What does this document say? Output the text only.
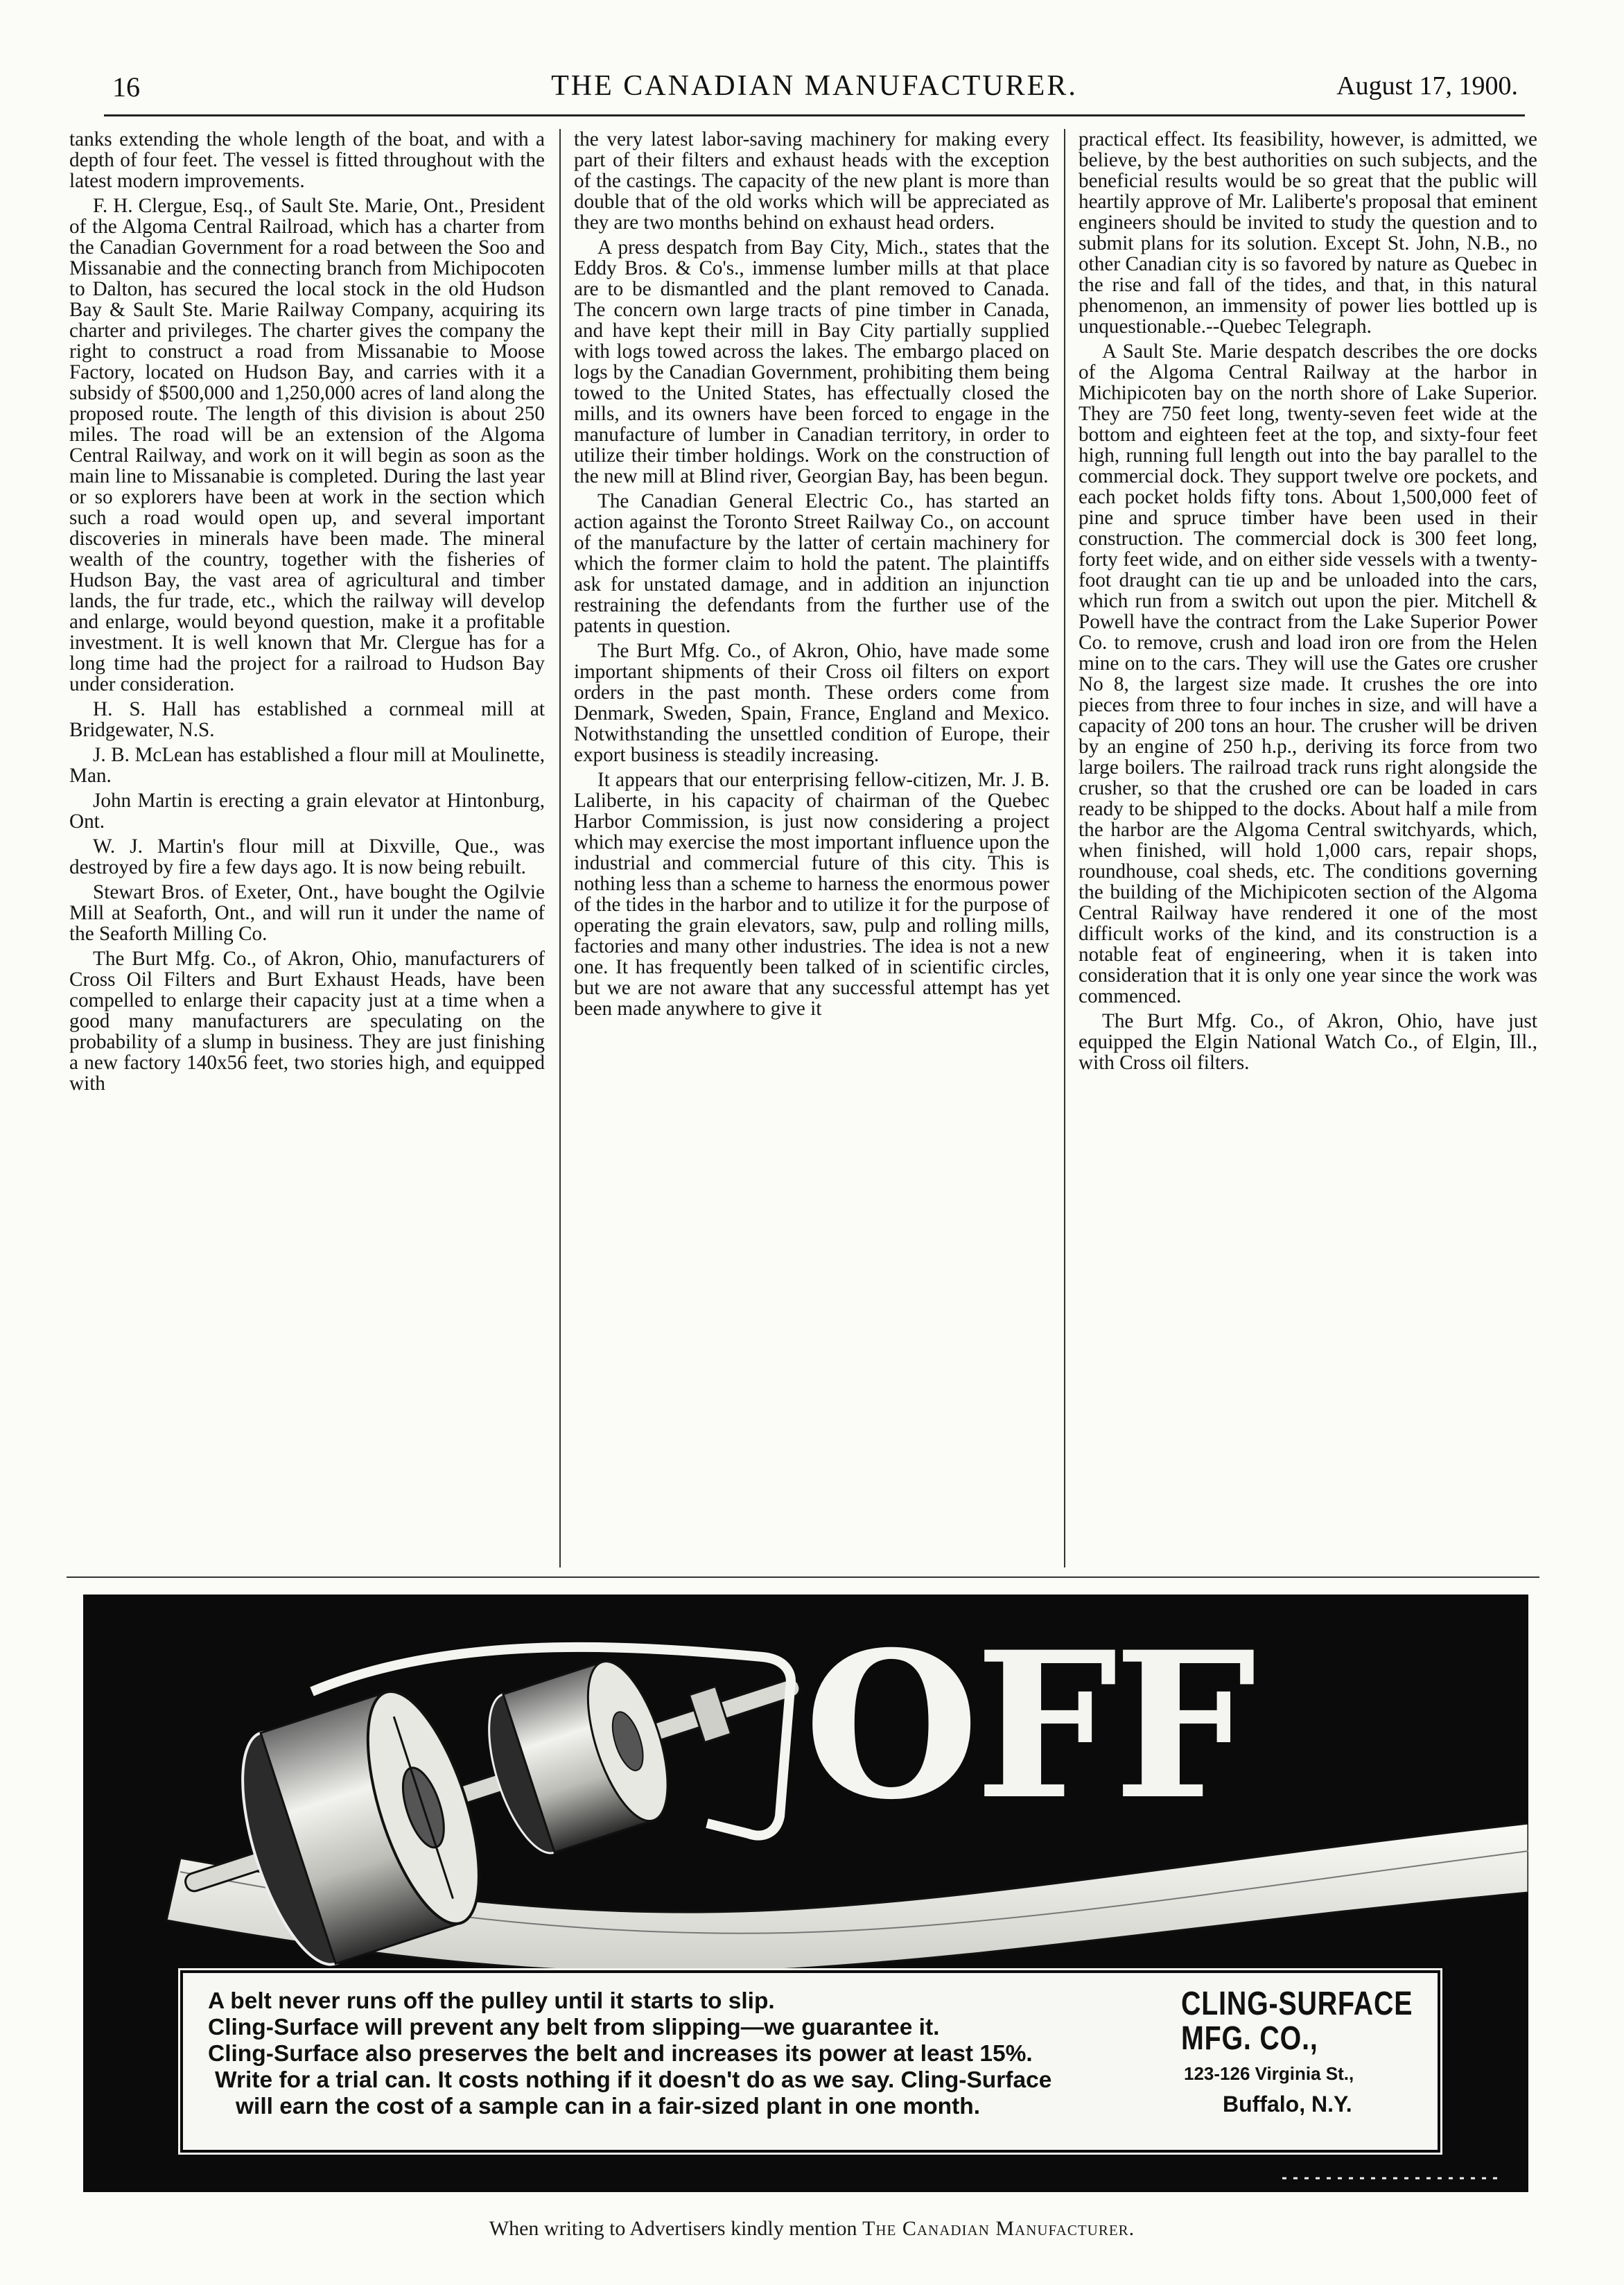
16	THE CANADIAN MANUFACTURER.	August 17, 1900.

tanks extending the whole length of the boat, and with a depth of four feet. The vessel is fitted throughout with the latest modern improvements.

F. H. Clergue, Esq., of Sault Ste. Marie, Ont., President of the Algoma Central Railroad, which has a charter from the Canadian Government for a road between the Soo and Missanabie and the connecting branch from Michipocoten to Dalton, has secured the local stock in the old Hudson Bay & Sault Ste. Marie Railway Company, acquiring its charter and privileges. The charter gives the company the right to construct a road from Missanabie to Moose Factory, located on Hudson Bay, and carries with it a subsidy of $500,000 and 1,250,000 acres of land along the proposed route. The length of this division is about 250 miles. The road will be an extension of the Algoma Central Railway, and work on it will begin as soon as the main line to Missanabie is completed. During the last year or so explorers have been at work in the section which such a road would open up, and several important discoveries in minerals have been made. The mineral wealth of the country, together with the fisheries of Hudson Bay, the vast area of agricultural and timber lands, the fur trade, etc., which the railway will develop and enlarge, would beyond question, make it a profitable investment. It is well known that Mr. Clergue has for a long time had the project for a railroad to Hudson Bay under consideration.

H. S. Hall has established a cornmeal mill at Bridgewater, N.S.

J. B. McLean has established a flour mill at Moulinette, Man.

John Martin is erecting a grain elevator at Hintonburg, Ont.

W. J. Martin's flour mill at Dixville, Que., was destroyed by fire a few days ago. It is now being rebuilt.

Stewart Bros. of Exeter, Ont., have bought the Ogilvie Mill at Seaforth, Ont., and will run it under the name of the Seaforth Milling Co.

The Burt Mfg. Co., of Akron, Ohio, manufacturers of Cross Oil Filters and Burt Exhaust Heads, have been compelled to enlarge their capacity just at a time when a good many manufacturers are speculating on the probability of a slump in business. They are just finishing a new factory 140x56 feet, two stories high, and equipped with

the very latest labor-saving machinery for making every part of their filters and exhaust heads with the exception of the castings. The capacity of the new plant is more than double that of the old works which will be appreciated as they are two months behind on exhaust head orders.

A press despatch from Bay City, Mich., states that the Eddy Bros. & Co's., immense lumber mills at that place are to be dismantled and the plant removed to Canada. The concern own large tracts of pine timber in Canada, and have kept their mill in Bay City partially supplied with logs towed across the lakes. The embargo placed on logs by the Canadian Government, prohibiting them being towed to the United States, has effectually closed the mills, and its owners have been forced to engage in the manufacture of lumber in Canadian territory, in order to utilize their timber holdings. Work on the construction of the new mill at Blind river, Georgian Bay, has been begun.

The Canadian General Electric Co., has started an action against the Toronto Street Railway Co., on account of the manufacture by the latter of certain machinery for which the former claim to hold the patent. The plaintiffs ask for unstated damage, and in addition an injunction restraining the defendants from the further use of the patents in question.

The Burt Mfg. Co., of Akron, Ohio, have made some important shipments of their Cross oil filters on export orders in the past month. These orders come from Denmark, Sweden, Spain, France, England and Mexico. Notwithstanding the unsettled condition of Europe, their export business is steadily increasing.

It appears that our enterprising fellow-citizen, Mr. J. B. Laliberte, in his capacity of chairman of the Quebec Harbor Commission, is just now considering a project which may exercise the most important influence upon the industrial and commercial future of this city. This is nothing less than a scheme to harness the enormous power of the tides in the harbor and to utilize it for the purpose of operating the grain elevators, saw, pulp and rolling mills, factories and many other industries. The idea is not a new one. It has frequently been talked of in scientific circles, but we are not aware that any successful attempt has yet been made anywhere to give it

practical effect. Its feasibility, however, is admitted, we believe, by the best authorities on such subjects, and the beneficial results would be so great that the public will heartily approve of Mr. Laliberte's proposal that eminent engineers should be invited to study the question and to submit plans for its solution. Except St. John, N.B., no other Canadian city is so favored by nature as Quebec in the rise and fall of the tides, and that, in this natural phenomenon, an immensity of power lies bottled up is unquestionable.--Quebec Telegraph.

A Sault Ste. Marie despatch describes the ore docks of the Algoma Central Railway at the harbor in Michipicoten bay on the north shore of Lake Superior. They are 750 feet long, twenty-seven feet wide at the bottom and eighteen feet at the top, and sixty-four feet high, running full length out into the bay parallel to the commercial dock. They support twelve ore pockets, and each pocket holds fifty tons. About 1,500,000 feet of pine and spruce timber have been used in their construction. The commercial dock is 300 feet long, forty feet wide, and on either side vessels with a twenty-foot draught can tie up and be unloaded into the cars, which run from a switch out upon the pier. Mitchell & Powell have the contract from the Lake Superior Power Co. to remove, crush and load iron ore from the Helen mine on to the cars. They will use the Gates ore crusher No 8, the largest size made. It crushes the ore into pieces from three to four inches in size, and will have a capacity of 200 tons an hour. The crusher will be driven by an engine of 250 h.p., deriving its force from two large boilers. The railroad track runs right alongside the crusher, so that the crushed ore can be loaded in cars ready to be shipped to the docks. About half a mile from the harbor are the Algoma Central switchyards, which, when finished, will hold 1,000 cars, repair shops, roundhouse, coal sheds, etc. The conditions governing the building of the Michipicoten section of the Algoma Central Railway have rendered it one of the most difficult works of the kind, and its construction is a notable feat of engineering, when it is taken into consideration that it is only one year since the work was commenced.

The Burt Mfg. Co., of Akron, Ohio, have just equipped the Elgin National Watch Co., of Elgin, Ill., with Cross oil filters.

OFF
A belt never runs off the pulley until it starts to slip.
Cling-Surface will prevent any belt from slipping—we guarantee it.
Cling-Surface also preserves the belt and increases its power at least 15%.
Write for a trial can. It costs nothing if it doesn't do as we say. Cling-Surface
will earn the cost of a sample can in a fair-sized plant in one month.
CLING-SURFACE
MFG. CO.,
123-126 Virginia St.,
Buffalo, N.Y.
When writing to Advertisers kindly mention The Canadian Manufacturer.
